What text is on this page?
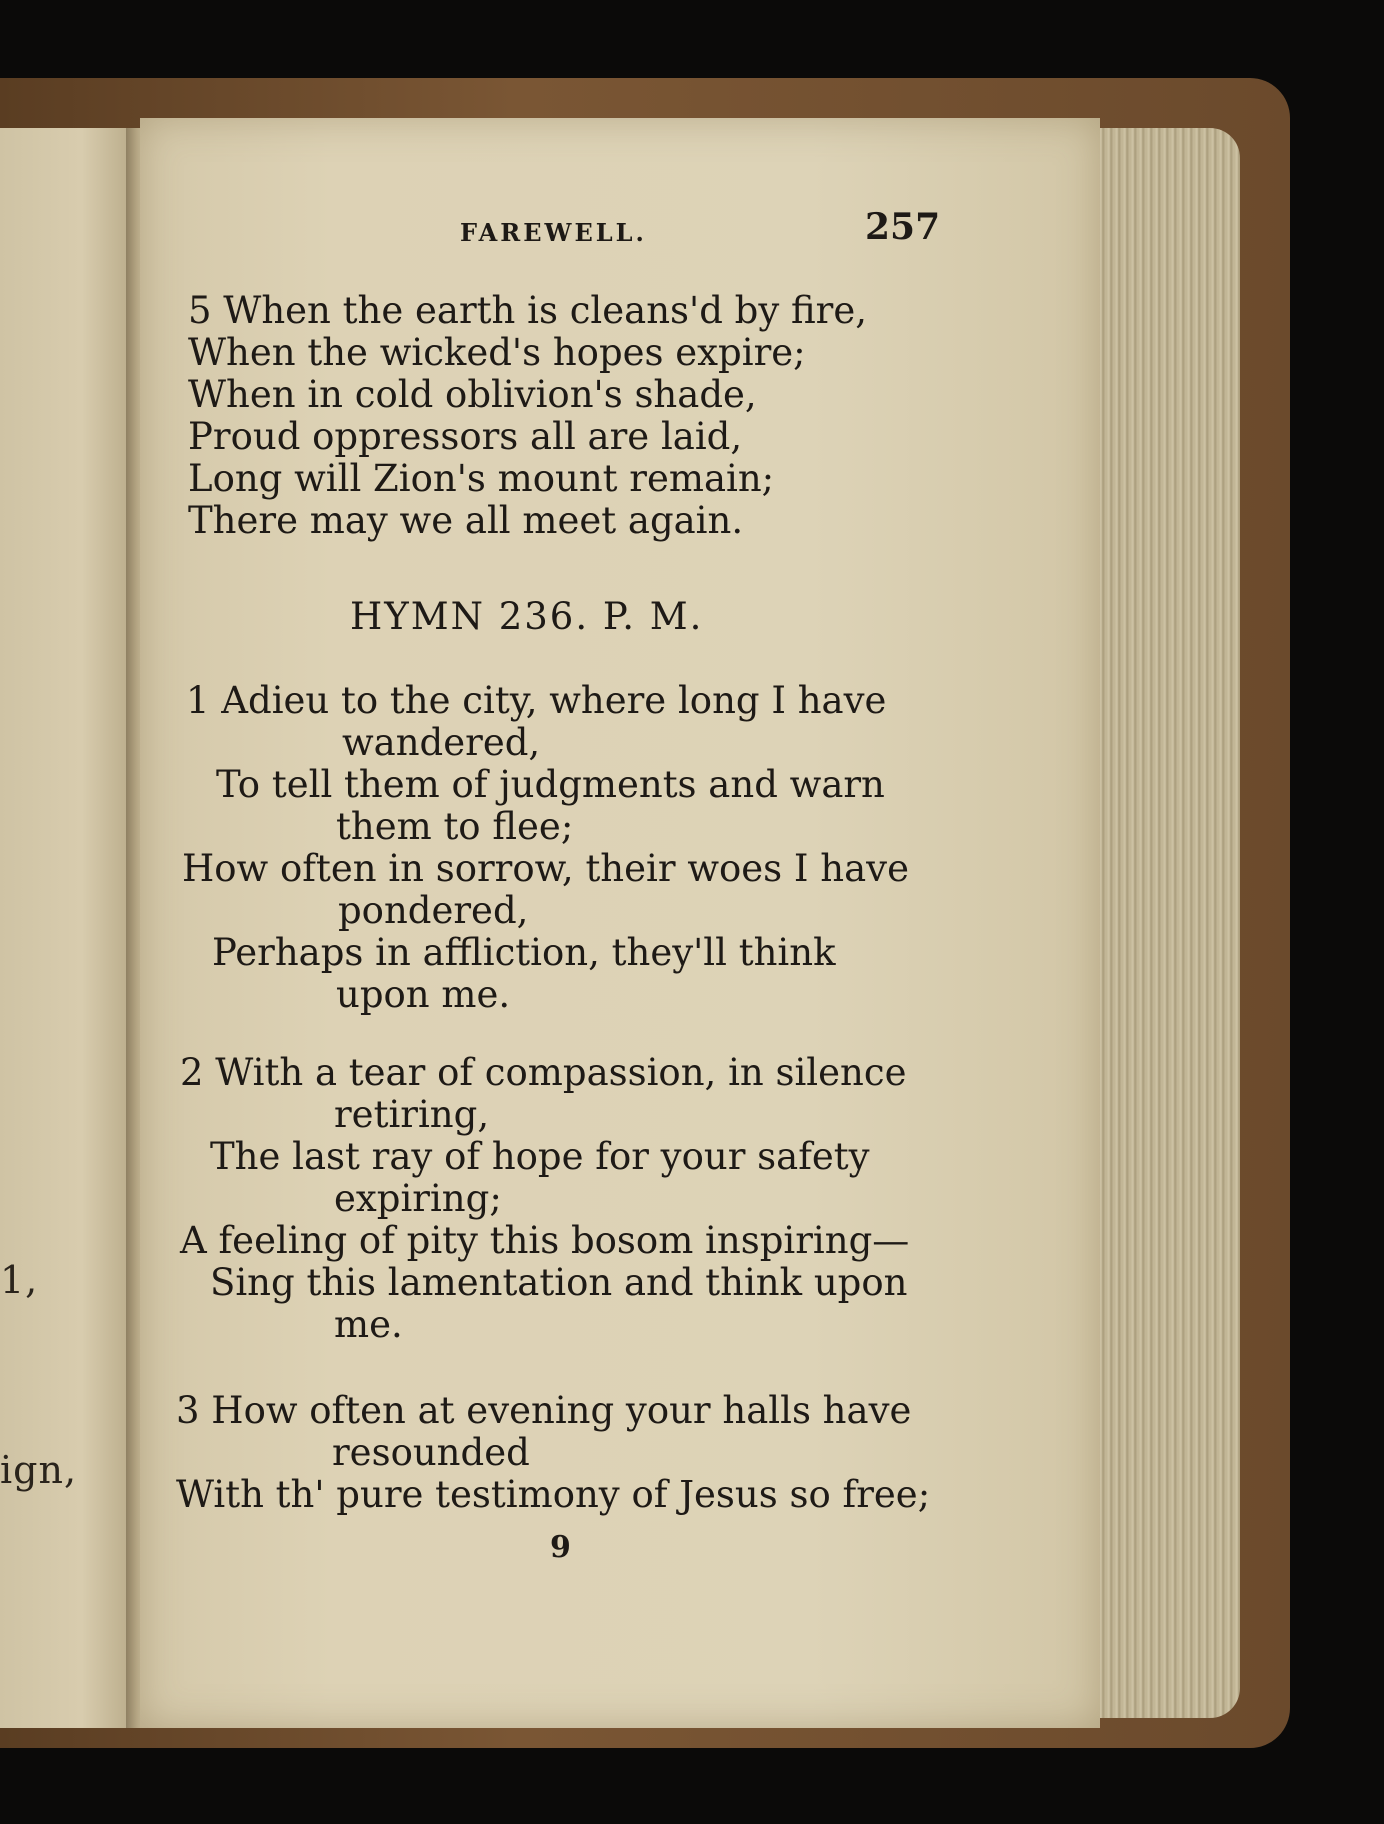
1,
ign,
FAREWELL.	257
5 When the earth is cleans'd by fire,
When the wicked's hopes expire;
When in cold oblivion's shade,
Proud oppressors all are laid,
Long will Zion's mount remain;
There may we all meet again.
HYMN 236. P. M.
1 Adieu to the city, where long I have
wandered,
To tell them of judgments and warn
them to flee;
How often in sorrow, their woes I have
pondered,
Perhaps in affliction, they'll think
upon me.
2 With a tear of compassion, in silence
retiring,
The last ray of hope for your safety
expiring;
A feeling of pity this bosom inspiring—
Sing this lamentation and think upon
me.
3 How often at evening your halls have
resounded
With th' pure testimony of Jesus so free;
9
